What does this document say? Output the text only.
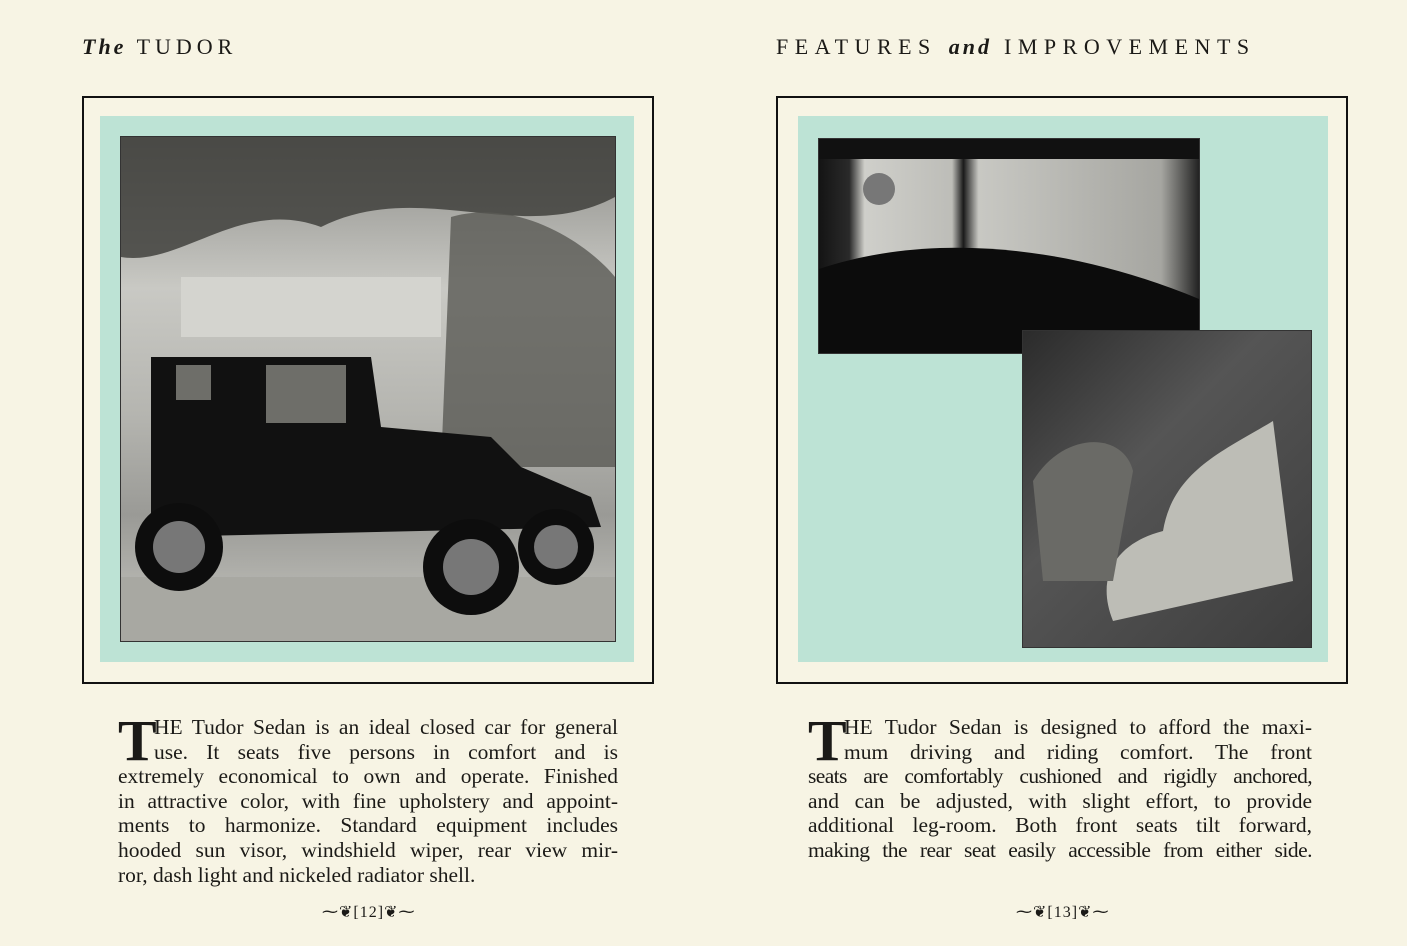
The TUDOR	FEATURES and IMPROVEMENTS
T
HE Tudor Sedan is an ideal closed car for general
use. It seats five persons in comfort and is
extremely economical to own and operate. Finished
in attractive color, with fine upholstery and appoint-
ments to harmonize. Standard equipment includes
hooded sun visor, windshield wiper, rear view mir-
ror, dash light and nickeled radiator shell.
T
HE Tudor Sedan is designed to afford the maxi-
mum driving and riding comfort. The front
seats are comfortably cushioned and rigidly anchored,
and can be adjusted, with slight effort, to provide
additional leg-room. Both front seats tilt forward,
making the rear seat easily accessible from either side.
⁓❦[12]❦⁓	⁓❦[13]❦⁓
